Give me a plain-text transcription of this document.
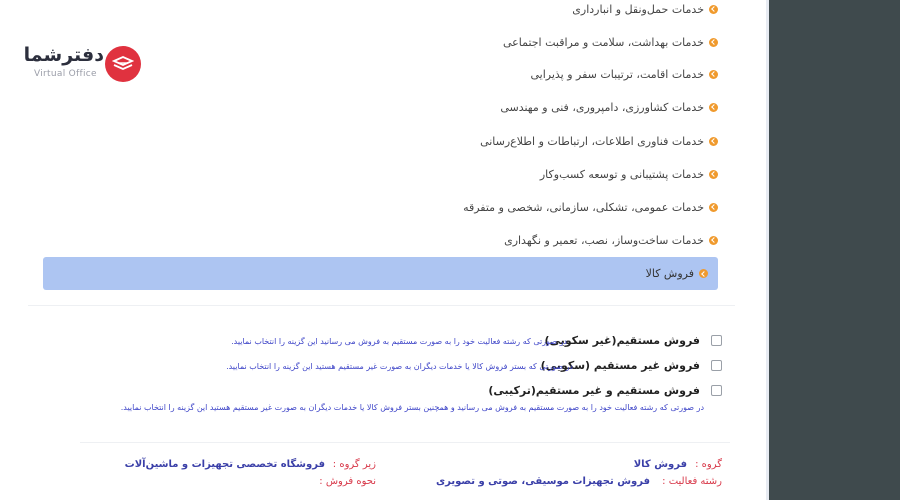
دفترشما
Virtual Office
خدمات حمل‌ونقل و انبارداری
خدمات بهداشت، سلامت و مراقبت اجتماعی
خدمات اقامت، ترتیبات سفر و پذیرایی
خدمات کشاورزی، دامپروری، فنی و مهندسی
خدمات فناوری اطلاعات، ارتباطات و اطلاع‌رسانی
خدمات پشتیبانی و توسعه کسب‌وکار
خدمات عمومی، تشکلی، سازمانی، شخصی و متفرقه
خدمات ساخت‌وساز، نصب، تعمیر و نگهداری
فروش کالا
فروش مستقیم(غیر سکویی)
در صورتی که رشته فعالیت خود را به صورت مستقیم به فروش می رسانید این گزینه را انتخاب نمایید.
فروش غیر مستقیم (سکویی)
در صورتی که بستر فروش کالا یا خدمات دیگران به صورت غیر مستقیم هستید این گزینه را انتخاب نمایید.
فروش مستقیم و غیر مستقیم(ترکیبی)
در صورتی که رشته فعالیت خود را به صورت مستقیم به فروش می رسانید و همچنین بستر فروش کالا یا خدمات دیگران به صورت غیر مستقیم هستید این گزینه را انتخاب نمایید.
گروه :
فروش کالا
رشته فعالیت :
فروش تجهیزات موسیقی، صوتی و تصویری
زیر گروه :
فروشگاه تخصصی تجهیزات و ماشین‌آلات
نحوه فروش :
